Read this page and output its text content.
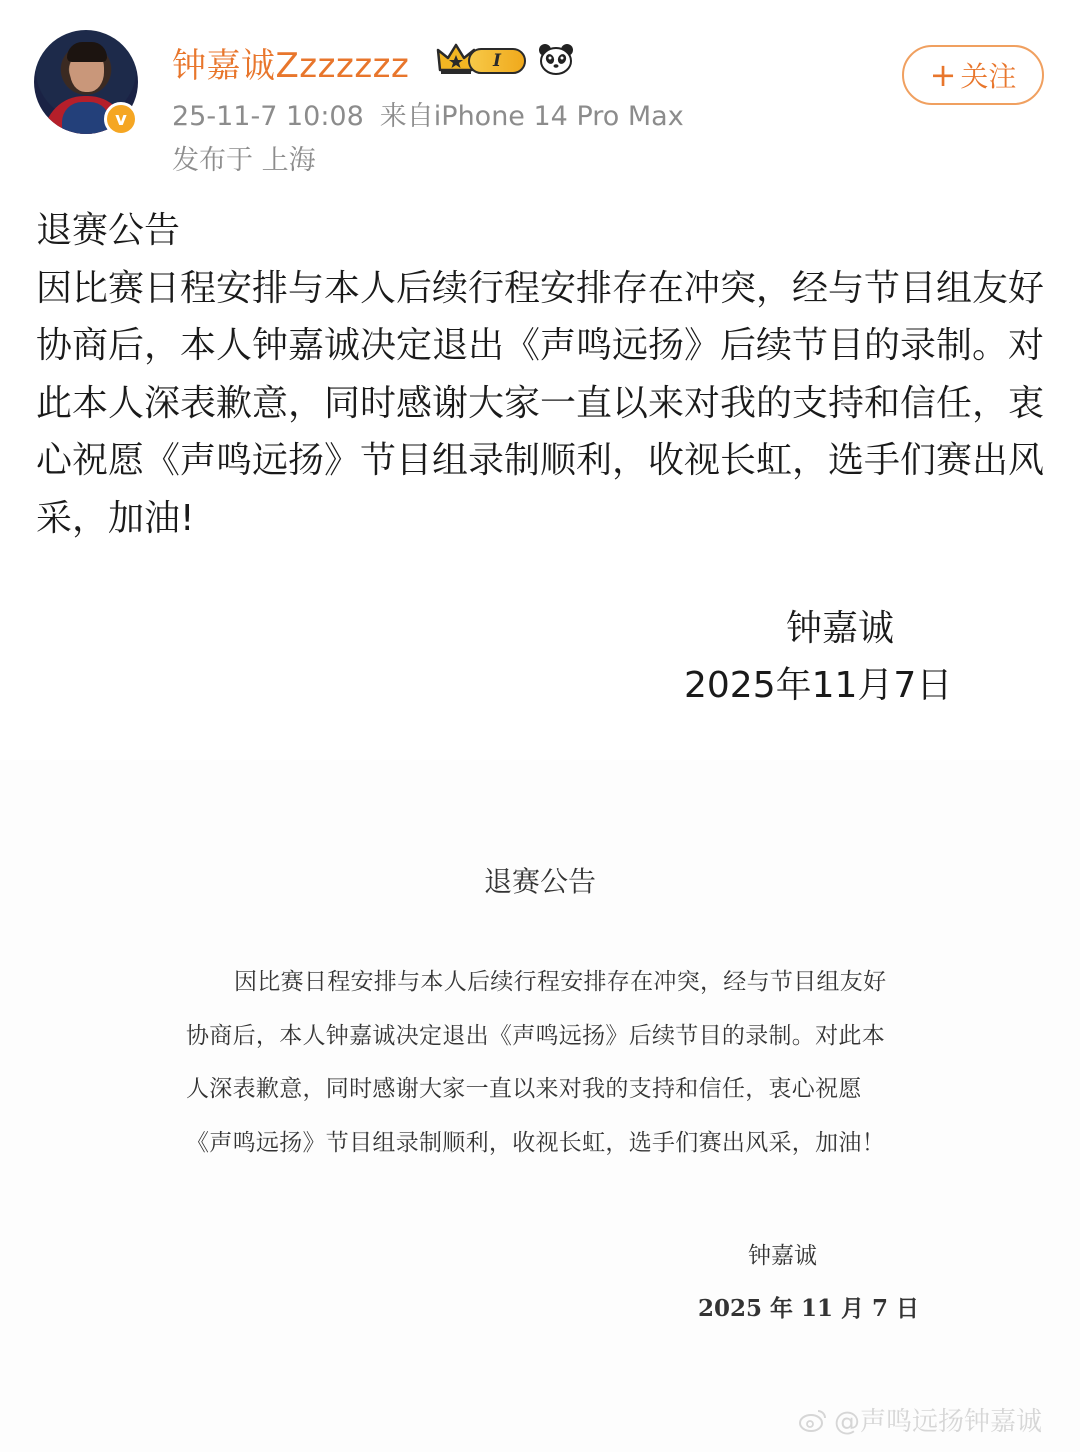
v
钟嘉诚Zzzzzzz	I
25-11-7 10:08 来自iPhone 14 Pro Max
发布于 上海
+ 关注
退赛公告
因比赛日程安排与本人后续行程安排存在冲突，经与节目组友好协商后，本人钟嘉诚决定退出《声鸣远扬》后续节目的录制。对此本人深表歉意，同时感谢大家一直以来对我的支持和信任，衷心祝愿《声鸣远扬》节目组录制顺利，收视长虹，选手们赛出风采，加油!
钟嘉诚
2025年11月7日
退赛公告
因比赛日程安排与本人后续行程安排存在冲突，经与节目组友好协商后，本人钟嘉诚决定退出《声鸣远扬》后续节目的录制。对此本人深表歉意，同时感谢大家一直以来对我的支持和信任，衷心祝愿《声鸣远扬》节目组录制顺利，收视长虹，选手们赛出风采，加油！
钟嘉诚
2025 年 11 月 7 日
@声鸣远扬钟嘉诚
